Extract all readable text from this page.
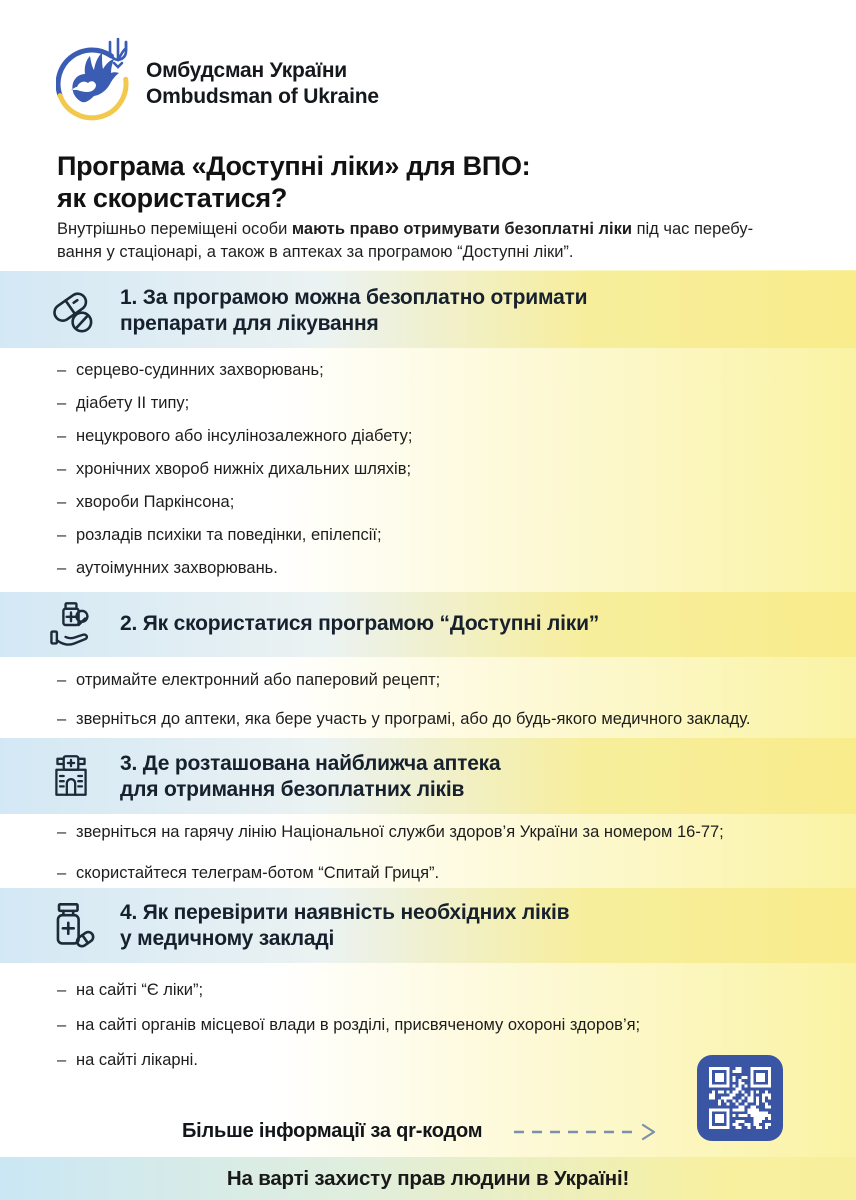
Омбудсман України
Ombudsman of Ukraine
Програма «Доступні ліки» для ВПО:
як скористатися?

Внутрішньо переміщені особи мають право отримувати безоплатні ліки під час перебу-
вання у стаціонарі, а також в аптеках за програмою “Доступні ліки”.

1. За програмою можна безоплатно отримати
препарати для лікування
– серцево-судинних захворювань;
– діабету ІІ типу;
– нецукрового або інсулінозалежного діабету;
– хронічних хвороб нижніх дихальних шляхів;
– хвороби Паркінсона;
– розладів психіки та поведінки, епілепсії;
– аутоімунних захворювань.
2. Як скористатися програмою “Доступні ліки”
– отримайте електронний або паперовий рецепт;
– зверніться до аптеки, яка бере участь у програмі, або до будь-якого медичного закладу.
3. Де розташована найближча аптека
для отримання безоплатних ліків
– зверніться на гарячу лінію Національної служби здоров’я України за номером 16-77;
– скористайтеся телеграм-ботом “Спитай Гриця”.
4. Як перевірити наявність необхідних ліків
у медичному закладі
– на сайті “Є ліки”;
– на сайті органів місцевої влади в розділі, присвяченому охороні здоров’я;
– на сайті лікарні.
Більше інформації за qr-кодом
На варті захисту прав людини в Україні!
